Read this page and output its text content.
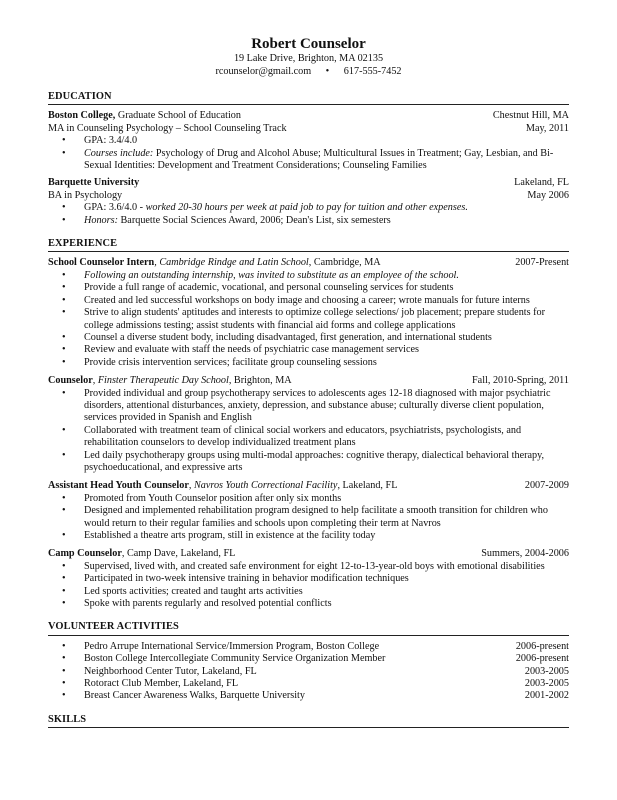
Robert Counselor
19 Lake Drive, Brighton, MA 02135
rcounselor@gmail.com • 617-555-7452
EDUCATION
Boston College, Graduate School of Education	Chestnut Hill, MA
MA in Counseling Psychology – School Counseling Track	May, 2011
• GPA: 3.4/4.0
• Courses include: Psychology of Drug and Alcohol Abuse; Multicultural Issues in Treatment; Gay, Lesbian, and Bi-Sexual Identities: Development and Treatment Considerations; Counseling Families
Barquette University	Lakeland, FL
BA in Psychology	May 2006
• GPA: 3.6/4.0 - worked 20-30 hours per week at paid job to pay for tuition and other expenses.
• Honors: Barquette Social Sciences Award, 2006; Dean's List, six semesters
EXPERIENCE
School Counselor Intern, Cambridge Rindge and Latin School, Cambridge, MA	2007-Present
• Following an outstanding internship, was invited to substitute as an employee of the school.
• Provide a full range of academic, vocational, and personal counseling services for students
• Created and led successful workshops on body image and choosing a career; wrote manuals for future interns
• Strive to align students' aptitudes and interests to optimize college selections/ job placement; prepare students for college admissions testing; assist students with financial aid forms and college applications
• Counsel a diverse student body, including disadvantaged, first generation, and international students
• Review and evaluate with staff the needs of psychiatric case management services
• Provide crisis intervention services; facilitate group counseling sessions
Counselor, Finster Therapeutic Day School, Brighton, MA	Fall, 2010-Spring, 2011
• Provided individual and group psychotherapy services to adolescents ages 12-18 diagnosed with major psychiatric disorders, attentional disturbances, anxiety, depression, and substance abuse; culturally diverse client population, services provided in Spanish and English
• Collaborated with treatment team of clinical social workers and educators, psychiatrists, psychologists, and rehabilitation counselors to develop individualized treatment plans
• Led daily psychotherapy groups using multi-modal approaches: cognitive therapy, dialectical behavioral therapy, psychoeducational, and expressive arts
Assistant Head Youth Counselor, Navros Youth Correctional Facility, Lakeland, FL	2007-2009
• Promoted from Youth Counselor position after only six months
• Designed and implemented rehabilitation program designed to help facilitate a smooth transition for children who would return to their regular families and schools upon completing their term at Navros
• Established a theatre arts program, still in existence at the facility today
Camp Counselor, Camp Dave, Lakeland, FL	Summers, 2004-2006
• Supervised, lived with, and created safe environment for eight 12-to-13-year-old boys with emotional disabilities
• Participated in two-week intensive training in behavior modification techniques
• Led sports activities; created and taught arts activities
• Spoke with parents regularly and resolved potential conflicts
VOLUNTEER ACTIVITIES
• Pedro Arrupe International Service/Immersion Program, Boston College	2006-present
• Boston College Intercollegiate Community Service Organization Member	2006-present
• Neighborhood Center Tutor, Lakeland, FL	2003-2005
• Rotoract Club Member, Lakeland, FL	2003-2005
• Breast Cancer Awareness Walks, Barquette University	2001-2002
SKILLS
